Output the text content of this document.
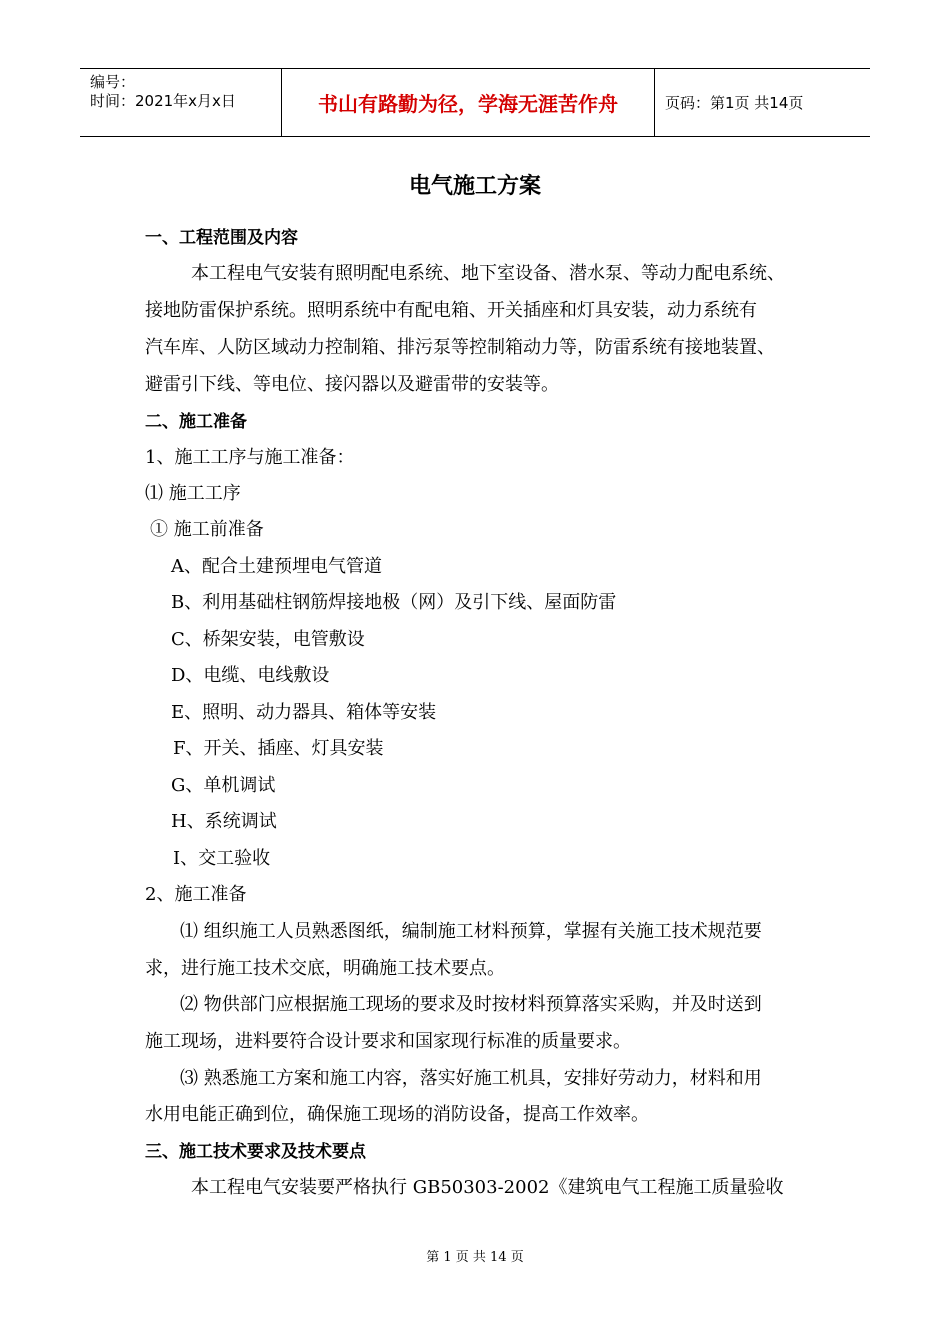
编号：
时间：2021年x月x日	书山有路勤为径，学海无涯苦作舟	页码：第1页 共14页
电气施工方案
一、工程范围及内容
本工程电气安装有照明配电系统、地下室设备、潜水泵、等动力配电系统、
接地防雷保护系统。照明系统中有配电箱、开关插座和灯具安装，动力系统有
汽车库、人防区域动力控制箱、排污泵等控制箱动力等，防雷系统有接地装置、
避雷引下线、等电位、接闪器以及避雷带的安装等。
二、施工准备
1、施工工序与施工准备：
⑴ 施工工序
① 施工前准备
A、配合土建预埋电气管道
B、利用基础柱钢筋焊接地极（网）及引下线、屋面防雷
C、桥架安装，电管敷设
D、电缆、电线敷设
E、照明、动力器具、箱体等安装
F、开关、插座、灯具安装
G、单机调试
H、系统调试
I、交工验收
2、施工准备
⑴ 组织施工人员熟悉图纸，编制施工材料预算，掌握有关施工技术规范要
求，进行施工技术交底，明确施工技术要点。
⑵ 物供部门应根据施工现场的要求及时按材料预算落实采购，并及时送到
施工现场，进料要符合设计要求和国家现行标准的质量要求。
⑶ 熟悉施工方案和施工内容，落实好施工机具，安排好劳动力，材料和用
水用电能正确到位，确保施工现场的消防设备，提高工作效率。
三、施工技术要求及技术要点
本工程电气安装要严格执行 GB50303-2002《建筑电气工程施工质量验收
第 1 页 共 14 页
